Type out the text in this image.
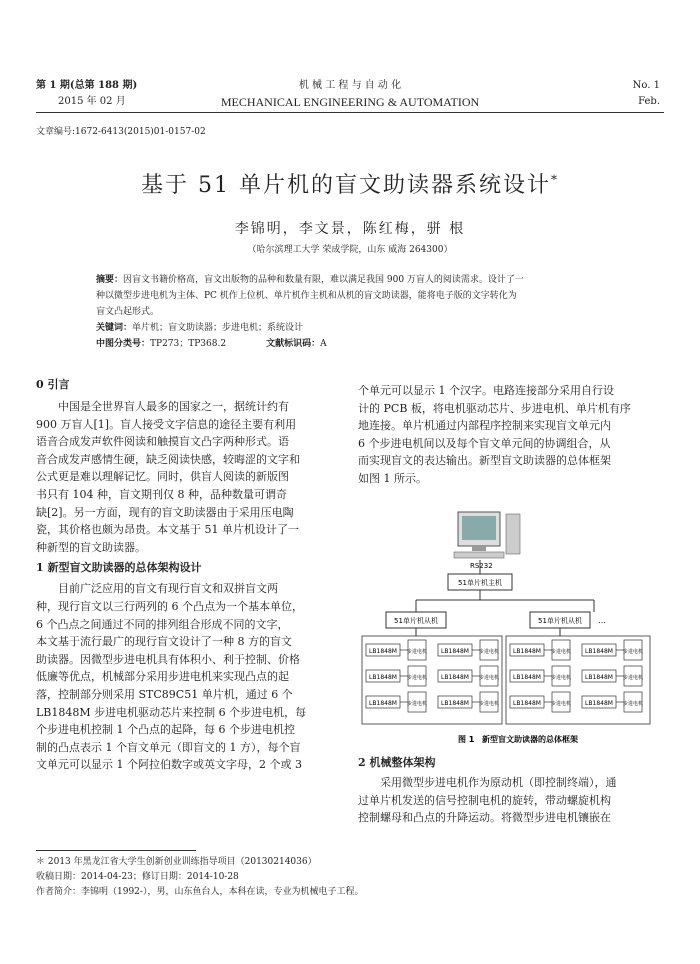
第 1 期(总第 188 期)
2015 年 02 月
机 械 工 程 与 自 动 化
MECHANICAL ENGINEERING & AUTOMATION
No. 1
Feb.
文章编号:1672-6413(2015)01-0157-02
基于 51 单片机的盲文助读器系统设计*
李锦明，李文景，陈红梅，骈 根
（哈尔滨理工大学 荣成学院，山东 威海 264300）
摘要：因盲文书籍价格高，盲文出版物的品种和数量有限，难以满足我国 900 万盲人的阅读需求。设计了一
种以微型步进电机为主体、PC 机作上位机、单片机作主机和从机的盲文助读器，能将电子版的文字转化为
盲文凸起形式。
关键词：单片机；盲文助读器；步进电机；系统设计
中图分类号：TP273；TP368.2	文献标识码：A
0 引言
中国是全世界盲人最多的国家之一，据统计约有
900 万盲人[1]。盲人接受文字信息的途径主要有利用
语音合成发声软件阅读和触摸盲文凸字两种形式。语
音合成发声感情生硬，缺乏阅读快感，较晦涩的文字和
公式更是难以理解记忆。同时，供盲人阅读的新版图
书只有 104 种，盲文期刊仅 8 种，品种数量可谓奇
缺[2]。另一方面，现有的盲文助读器由于采用压电陶
瓷，其价格也颇为昂贵。本文基于 51 单片机设计了一
种新型的盲文助读器。
1 新型盲文助读器的总体架构设计
目前广泛应用的盲文有现行盲文和双拼盲文两
种，现行盲文以三行两列的 6 个凸点为一个基本单位，
6 个凸点之间通过不同的排列组合形成不同的文字，
本文基于流行最广的现行盲文设计了一种 8 方的盲文
助读器。因微型步进电机具有体积小、利于控制、价格
低廉等优点，机械部分采用步进电机来实现凸点的起
落，控制部分则采用 STC89C51 单片机，通过 6 个
LB1848M 步进电机驱动芯片来控制 6 个步进电机，每
个步进电机控制 1 个凸点的起降，每 6 个步进电机控
制的凸点表示 1 个盲文单元（即盲文的 1 方），每个盲
文单元可以显示 1 个阿拉伯数字或英文字母，2 个或 3
个单元可以显示 1 个汉字。电路连接部分采用自行设
计的 PCB 板，将电机驱动芯片、步进电机、单片机有序
地连接。单片机通过内部程序控制来实现盲文单元内
6 个步进电机间以及每个盲文单元间的协调组合，从
而实现盲文的表达输出。新型盲文助读器的总体框架
如图 1 所示。
RS232
51单片机主机
51单片机从机	51单片机从机 …
LB1848M 步进电机 LB1848M 步进电机
LB1848M 步进电机 LB1848M 步进电机
LB1848M 步进电机 LB1848M 步进电机
LB1848M 步进电机 LB1848M 步进电机
LB1848M 步进电机 LB1848M 步进电机
LB1848M 步进电机 LB1848M 步进电机
图 1 新型盲文助读器的总体框架
2 机械整体架构
采用微型步进电机作为原动机（即控制终端），通
过单片机发送的信号控制电机的旋转，带动螺旋机构
控制螺母和凸点的升降运动。将微型步进电机镶嵌在
＊ 2013 年黑龙江省大学生创新创业训练指导项目（20130214036）
收稿日期：2014-04-23；修订日期：2014-10-28
作者简介：李锦明（1992-），男，山东鱼台人，本科在读，专业为机械电子工程。
